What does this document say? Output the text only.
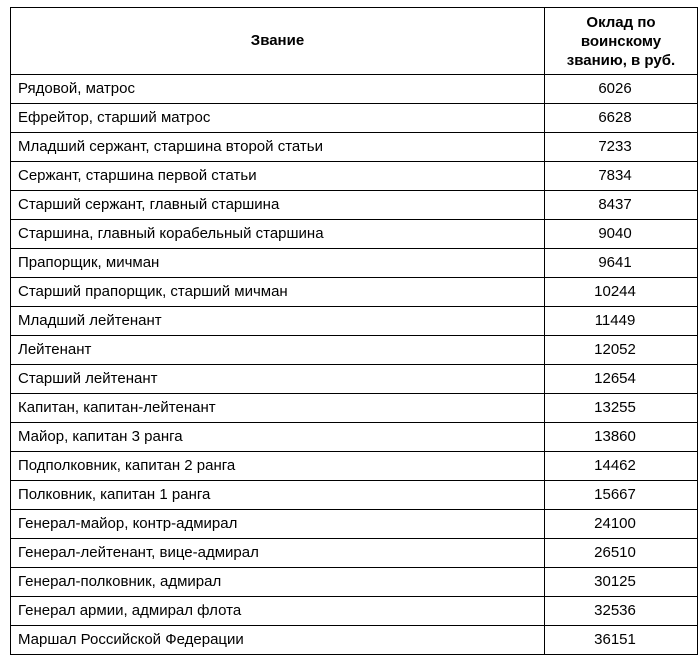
Звание	Оклад по воинскому званию, в руб.

Рядовой, матрос	6026
Ефрейтор, старший матрос	6628
Младший сержант, старшина второй статьи	7233
Сержант, старшина первой статьи	7834
Старший сержант, главный старшина	8437
Старшина, главный корабельный старшина	9040
Прапорщик, мичман	9641
Старший прапорщик, старший мичман	10244
Младший лейтенант	11449
Лейтенант	12052
Старший лейтенант	12654
Капитан, капитан-лейтенант	13255
Майор, капитан 3 ранга	13860
Подполковник, капитан 2 ранга	14462
Полковник, капитан 1 ранга	15667
Генерал-майор, контр-адмирал	24100
Генерал-лейтенант, вице-адмирал	26510
Генерал-полковник, адмирал	30125
Генерал армии, адмирал флота	32536
Маршал Российской Федерации	36151
